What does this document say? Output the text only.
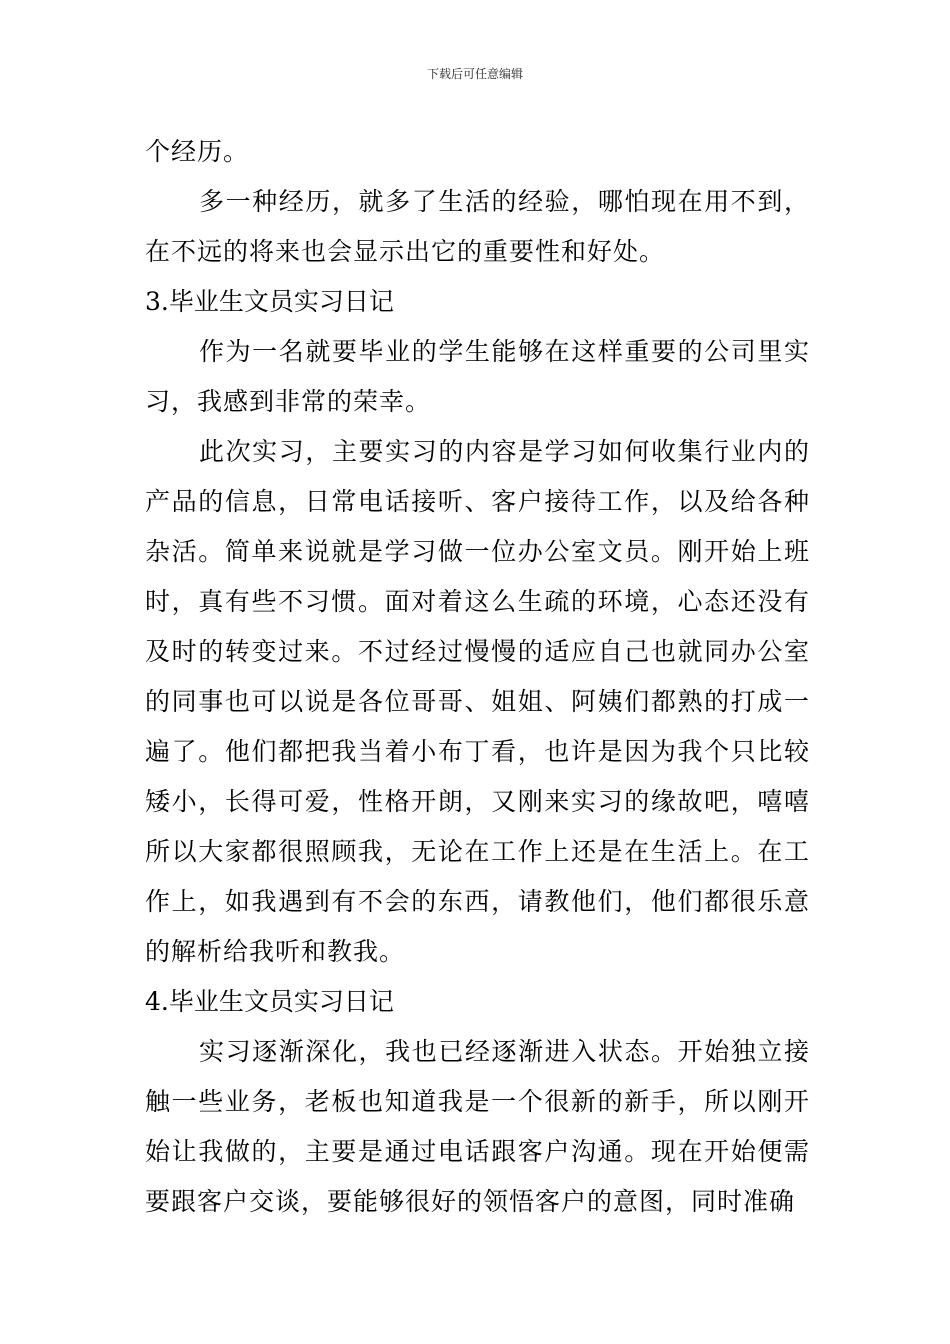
下载后可任意编辑

个经历。

多一种经历，就多了生活的经验，哪怕现在用不到，在不远的将来也会显示出它的重要性和好处。

3.毕业生文员实习日记

作为一名就要毕业的学生能够在这样重要的公司里实习，我感到非常的荣幸。

此次实习，主要实习的内容是学习如何收集行业内的产品的信息，日常电话接听、客户接待工作，以及给各种杂活。简单来说就是学习做一位办公室文员。刚开始上班时，真有些不习惯。面对着这么生疏的环境，心态还没有及时的转变过来。不过经过慢慢的适应自己也就同办公室的同事也可以说是各位哥哥、姐姐、阿姨们都熟的打成一遍了。他们都把我当着小布丁看，也许是因为我个只比较矮小，长得可爱，性格开朗，又刚来实习的缘故吧，嘻嘻所以大家都很照顾我，无论在工作上还是在生活上。在工作上，如我遇到有不会的东西，请教他们，他们都很乐意的解析给我听和教我。

4.毕业生文员实习日记

实习逐渐深化，我也已经逐渐进入状态。开始独立接触一些业务，老板也知道我是一个很新的新手，所以刚开始让我做的，主要是通过电话跟客户沟通。现在开始便需要跟客户交谈，要能够很好的领悟客户的意图，同时准确
